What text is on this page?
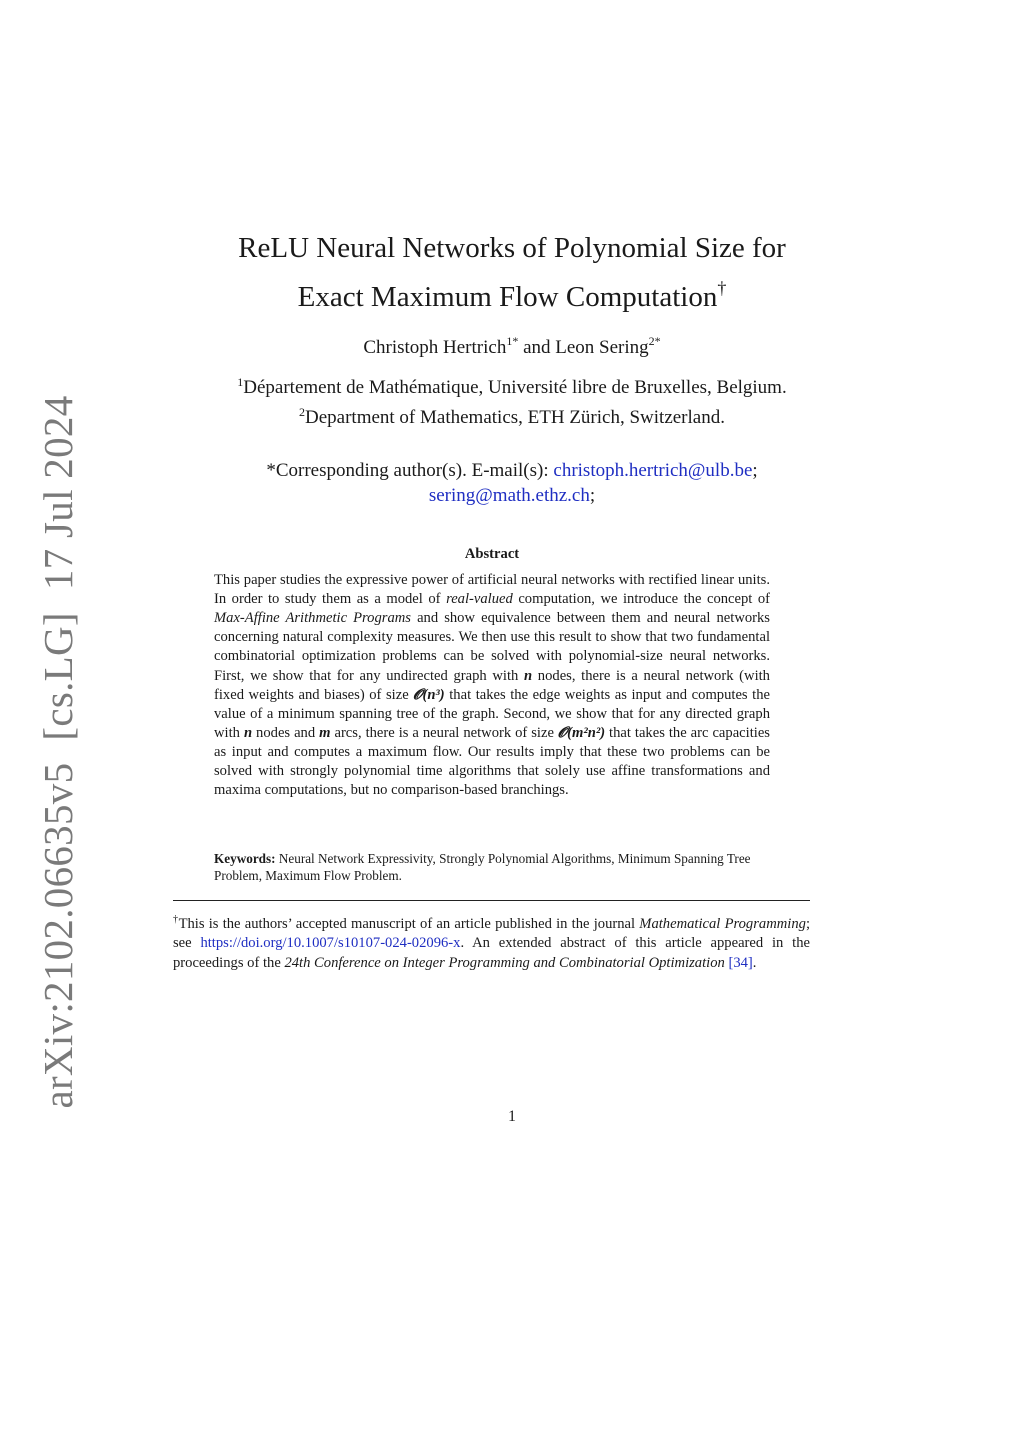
arXiv:2102.06635v5[cs.LG]17 Jul 2024
ReLU Neural Networks of Polynomial Size for
Exact Maximum Flow Computation†
Christoph Hertrich$^{1*}$ and Leon Sering$^{2*}$
$^1$Département de Mathématique, Université libre de Bruxelles, Belgium.
$^2$Department of Mathematics, ETH Zürich, Switzerland.
*Corresponding author(s). E-mail(s): christoph.hertrich@ulb.be;
sering@math.ethz.ch;
Abstract

This paper studies the expressive power of artificial neural networks with rectified linear units. In order to study them as a model of real-valued computation, we introduce the concept of Max-Affine Arithmetic Programs and show equivalence between them and neural networks concerning natural complexity measures. We then use this result to show that two fundamental combinatorial optimization problems can be solved with polynomial-size neural networks. First, we show that for any undirected graph with n nodes, there is a neural network (with fixed weights and biases) of size 𝓞(n³) that takes the edge weights as input and computes the value of a minimum spanning tree of the graph. Second, we show that for any directed graph with n nodes and m arcs, there is a neural network of size 𝓞(m²n²) that takes the arc capacities as input and computes a maximum flow. Our results imply that these two problems can be solved with strongly polynomial time algorithms that solely use affine transformations and maxima computations, but no comparison-based branchings.

Keywords: Neural Network Expressivity, Strongly Polynomial Algorithms, Minimum Spanning Tree Problem, Maximum Flow Problem.
†This is the authors’ accepted manuscript of an article published in the journal Mathematical Programming; see https://doi.org/10.1007/s10107-024-02096-x. An extended abstract of this article appeared in the proceedings of the 24th Conference on Integer Programming and Combinatorial Optimization [34].
1
